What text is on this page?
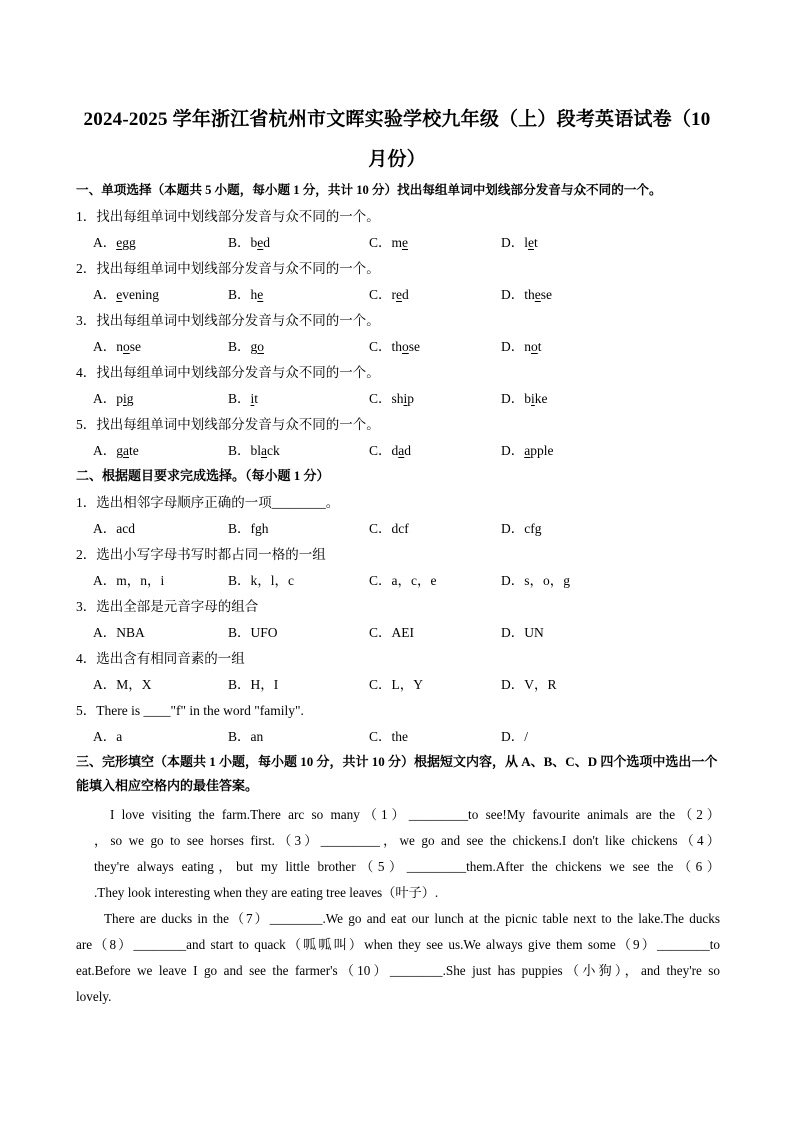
2024-2025 学年浙江省杭州市文晖实验学校九年级（上）段考英语试卷（10
月份）
一、单项选择（本题共 5 小题，每小题 1 分，共计 10 分）找出每组单词中划线部分发音与众不同的一个。
1．找出每组单词中划线部分发音与众不同的一个。
A．egg	B．bed	C．me	D．let
2．找出每组单词中划线部分发音与众不同的一个。
A．evening	B．he	C．red	D．these
3．找出每组单词中划线部分发音与众不同的一个。
A．nose	B．go	C．those	D．not
4．找出每组单词中划线部分发音与众不同的一个。
A．pig	B．it	C．ship	D．bike
5．找出每组单词中划线部分发音与众不同的一个。
A．gate	B．black	C．dad	D．apple
二、根据题目要求完成选择。（每小题 1 分）
1．选出相邻字母顺序正确的一项________。
A．acd	B．fgh	C．dcf	D．cfg
2．选出小写字母书写时都占同一格的一组
A．m，n，i	B．k，l，c	C．a，c，e	D．s，o，g
3．选出全部是元音字母的组合
A．NBA	B．UFO	C．AEI	D．UN
4．选出含有相同音素的一组
A．M，X	B．H，I	C．L，Y	D．V，R
5．There is ____"f" in the word "family".
A．a	B．an	C．the	D．/
三、完形填空（本题共 1 小题，每小题 10 分，共计 10 分）根据短文内容，从 A、B、C、D 四个选项中选出一个能填入相应空格内的最佳答案。
I love visiting the farm.There arc so many（1）_________to see!My favourite animals are the（2）
，so we go to see horses first.（3）_________，we go and see the chickens.I don't like chickens（4）
they're always eating，but my little brother（5）_________them.After the chickens we see the（6）
.They look interesting when they are eating tree leaves（叶子）.
There are ducks in the（7）________.We go and eat our lunch at the picnic table next to the lake.The ducks
are（8）________and start to quack（呱呱叫）when they see us.We always give them some（9）________to
eat.Before we leave I go and see the farmer's（10）________.She just has puppies（小狗），and they're so
lovely.
